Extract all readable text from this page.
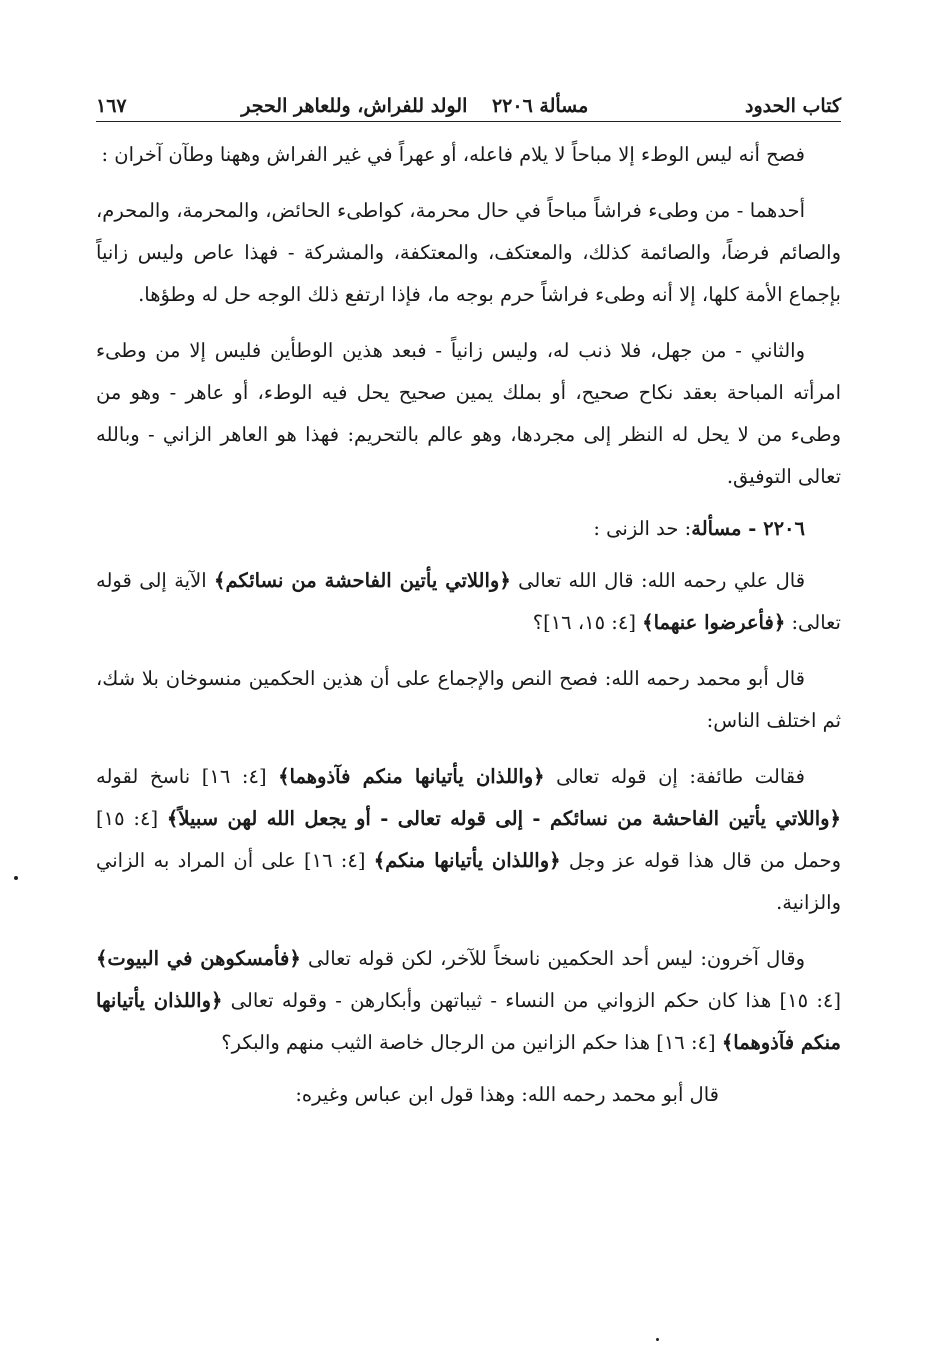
كتاب الحدود
مسألة ٢٢٠٦ الولد للفراش، وللعاهر الحجر
١٦٧

فصح أنه ليس الوطء إلا مباحاً لا يلام فاعله، أو عهراً في غير الفراش وههنا وطآن آخران :

أحدهما - من وطىء فراشاً مباحاً في حال محرمة، كواطىء الحائض، والمحرمة، والمحرم، والصائم فرضاً، والصائمة كذلك، والمعتكف، والمعتكفة، والمشركة - فهذا عاص وليس زانياً بإجماع الأمة كلها، إلا أنه وطىء فراشاً حرم بوجه ما، فإذا ارتفع ذلك الوجه حل له وطؤها.

والثاني - من جهل، فلا ذنب له، وليس زانياً - فبعد هذين الوطأين فليس إلا من وطىء امرأته المباحة بعقد نكاح صحيح، أو بملك يمين صحيح يحل فيه الوطء، أو عاهر - وهو من وطىء من لا يحل له النظر إلى مجردها، وهو عالم بالتحريم: فهذا هو العاهر الزاني - وبالله تعالى التوفيق.

٢٢٠٦ - مسألة: حد الزنى :

قال علي رحمه الله: قال الله تعالى ﴿واللاتي يأتين الفاحشة من نسائكم﴾ الآية إلى قوله تعالى: ﴿فأعرضوا عنهما﴾ [٤: ١٥، ١٦]؟

قال أبو محمد رحمه الله: فصح النص والإجماع على أن هذين الحكمين منسوخان بلا شك، ثم اختلف الناس:

فقالت طائفة: إن قوله تعالى ﴿واللذان يأتيانها منكم فآذوهما﴾ [٤: ١٦] ناسخ لقوله ﴿واللاتي يأتين الفاحشة من نسائكم - إلى قوله تعالى - أو يجعل الله لهن سبيلاً﴾ [٤: ١٥] وحمل من قال هذا قوله عز وجل ﴿واللذان يأتيانها منكم﴾ [٤: ١٦] على أن المراد به الزاني والزانية.

وقال آخرون: ليس أحد الحكمين ناسخاً للآخر، لكن قوله تعالى ﴿فأمسكوهن في البيوت﴾ [٤: ١٥] هذا كان حكم الزواني من النساء - ثيباتهن وأبكارهن - وقوله تعالى ﴿واللذان يأتيانها منكم فآذوهما﴾ [٤: ١٦] هذا حكم الزانين من الرجال خاصة الثيب منهم والبكر؟

قال أبو محمد رحمه الله: وهذا قول ابن عباس وغيره:
